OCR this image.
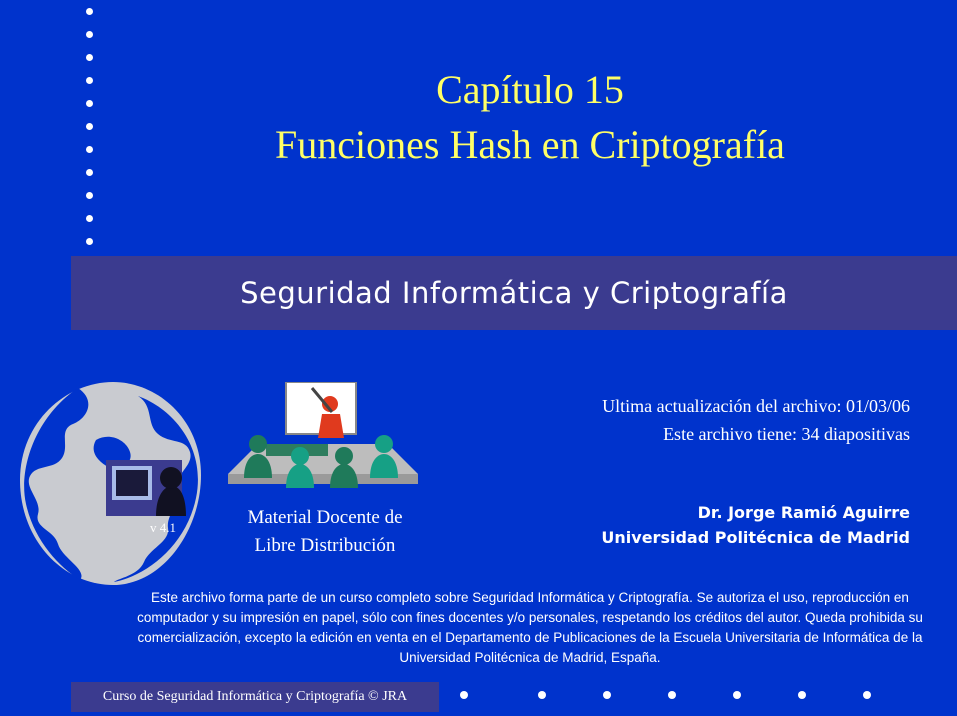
Capítulo 15
Funciones Hash en Criptografía
Seguridad Informática y Criptografía
v 4.1	Material Docente de
Libre Distribución
Ultima actualización del archivo: 01/03/06
Este archivo tiene: 34 diapositivas
Dr. Jorge Ramió Aguirre
Universidad Politécnica de Madrid
Este archivo forma parte de un curso completo sobre Seguridad Informática y Criptografía. Se autoriza el uso, reproducción en computador y su impresión en papel, sólo con fines docentes y/o personales, respetando los créditos del autor. Queda prohibida su comercialización, excepto la edición en venta en el Departamento de Publicaciones de la Escuela Universitaria de Informática de la Universidad Politécnica de Madrid, España.
Curso de Seguridad Informática y Criptografía © JRA
